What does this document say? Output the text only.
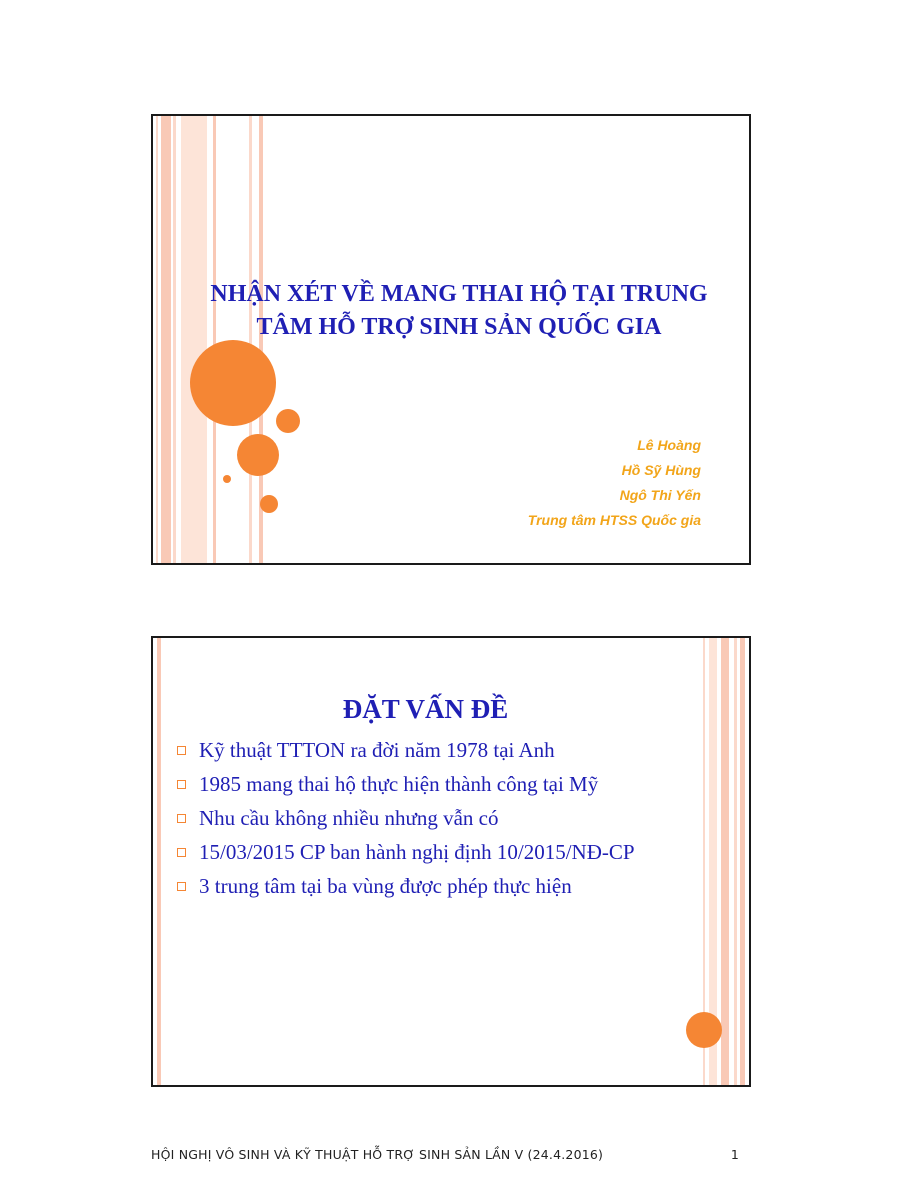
NHẬN XÉT VỀ MANG THAI HỘ TẠI TRUNG
TÂM HỖ TRỢ SINH SẢN QUỐC GIA
Lê Hoàng
Hồ Sỹ Hùng
Ngô Thi Yến
Trung tâm HTSS Quốc gia
ĐẶT VẤN ĐỀ
Kỹ thuật TTTON ra đời năm 1978 tại Anh
1985 mang thai hộ thực hiện thành công tại Mỹ
Nhu cầu không nhiều nhưng vẫn có
15/03/2015 CP ban hành nghị định 10/2015/NĐ-CP
3 trung tâm tại ba vùng được phép thực hiện
HỘI NGHỊ VÔ SINH VÀ KỸ THUẬT HỖ TRỢ SINH SẢN LẦN V (24.4.2016)	1
